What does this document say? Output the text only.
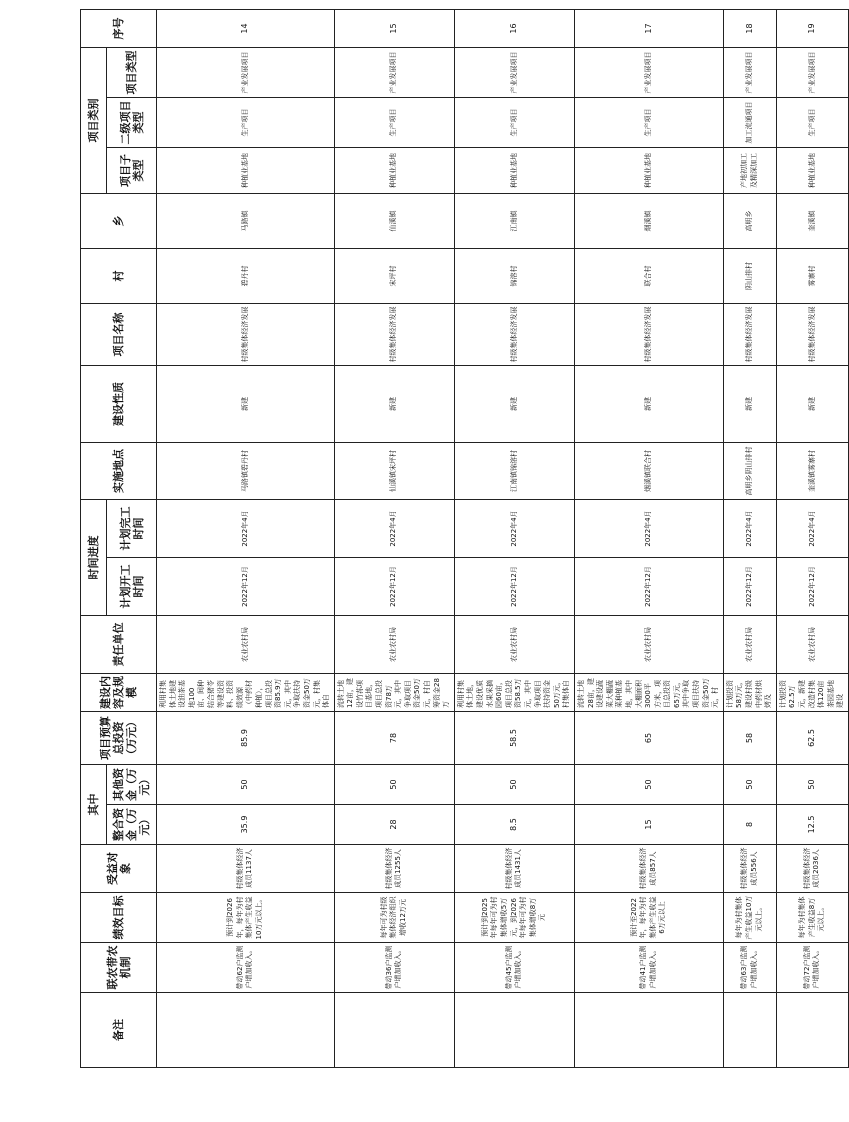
备注	联农带农机制	绩效目标	受益对象	其中		项目预算总投资（万元）	建设内容及规模	责任单位	时间进度		实施地点	建设性质	项目名称	村	乡	项目类别			序号
				整合资金（万元）	其他资金（万元）				计划开工时间	计划完工时间						项目子类型	二级项目类型	项目类型	

	带动62户监测户增加收入。	预计到2026年，每年为村集体产生收益10万元以上。	村级集体经济成员1137人	35.9	50	85.9	利用村集体土地建设油茶基地100亩、间种结合猪苓等建设资料、投资绩效源（中药材种植），项目总投资85.9万元，其中争取扶持资金50万元，村集体自	农业农村局	2022年12月	2022年4月	马路镇碧丹村	新建	村级集体经济发展	碧丹村	马路镇	种植业基地	生产项目	产业发展项目	14
	带动36户监测户增加收入。	每年可为村级集体经济组织增收12万元	村级集体经济成员1255人	28	50	78	流转土地12亩，建设竹荪项目基地，项目总投资78万元，其中争取项目资金50万元，村自筹资金28万	农业农村局	2022年12月	2022年4月	仙溪镇宋坪村	新建	村级集体经济发展	宋坪村	仙溪镇	种植业基地	生产项目	产业发展项目	15
	带动45户监测户增加收入。	预计到2025年每年可为村集体增收5万元，到2026年每年可为村集体增收8万元	村级集体经济成员1431人	8.5	50	58.5	利用村集体土地，建设优质水果采摘园60亩，项目总投资58.5万元，其中争取项目扶持资金50万元，村集体自	农业农村局	2022年12月	2022年4月	江南镇锦溶村	新建	村级集体经济发展	锦溶村	江南镇	种植业基地	生产项目	产业发展项目	16
	带动41户监测户增加收入。	预计至2022年，每年为村集体产生收益6万元以上	村级集体经济成员857人	15	50	65	流转土地28亩，建设建设蔬菜大棚蔬菜种植基地，其中大棚面积3000平方米，项目总投资65万元，其中争取项目扶持资金50万元，村	农业农村局	2022年12月	2022年4月	烟溪镇联合村	新建	村级集体经济发展	联合村	烟溪镇	种植业基地	生产项目	产业发展项目	17
	带动63户监测户增加收入。	每年为村集体产生收益10万元以上。	村级集体经济成员556人	8	50	58	计划投资58万元，建设村级中药材烘烤及	农业农村局	2022年12月	2022年4月	高明乡阴山排村	新建	村级集体经济发展	阴山排村	高明乡	产地初加工及精深加工	加工流通项目	产业发展项目	18
	带动72户监测户增加收入。	每年为村集体产生收益8万元以上。	村级集体经济成员2036人	12.5	50	62.5	计划投资62.5万元，新建改造村集体120亩茶园基地建设	农业农村局	2022年12月	2022年4月	奎溪镇雾寨村	新建	村级集体经济发展	雾寨村	奎溪镇	种植业基地	生产项目	产业发展项目	19
